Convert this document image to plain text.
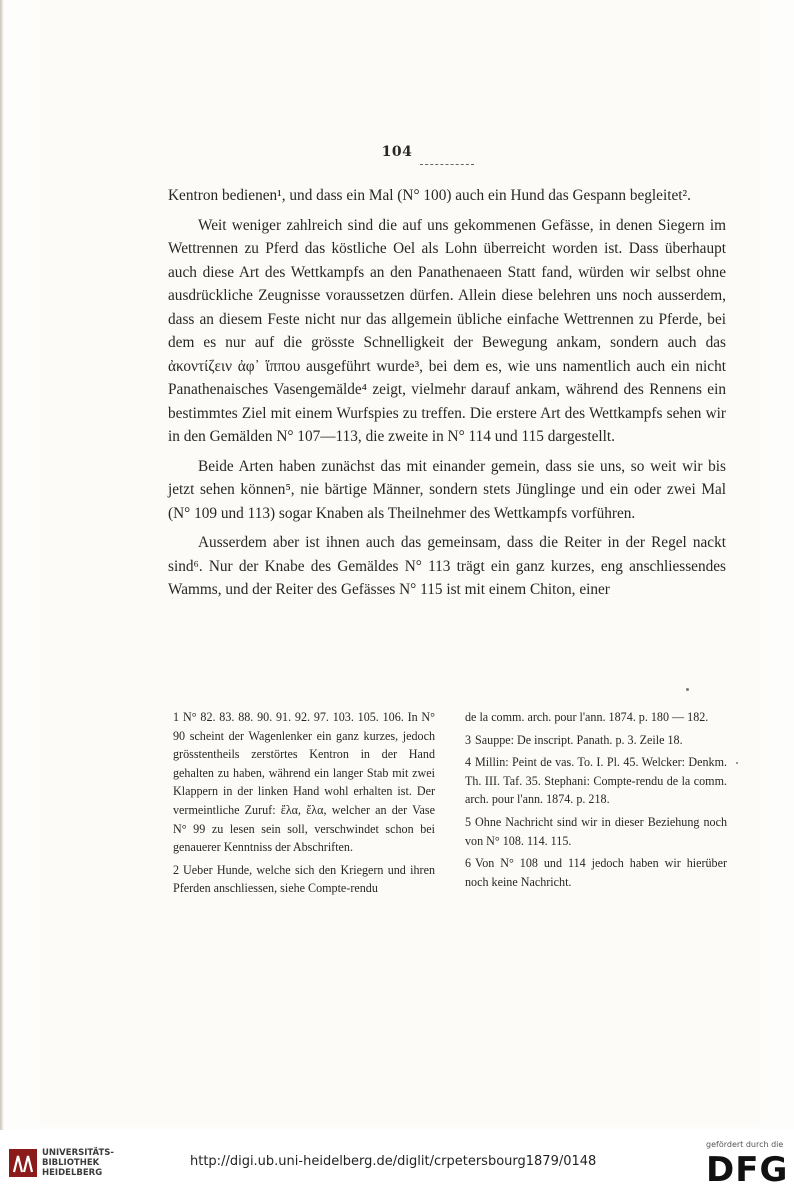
104

Kentron bedienen¹, und dass ein Mal (N° 100) auch ein Hund das Gespann begleitet².

Weit weniger zahlreich sind die auf uns gekommenen Gefässe, in denen Siegern im Wettrennen zu Pferd das köstliche Oel als Lohn überreicht worden ist. Dass überhaupt auch diese Art des Wettkampfs an den Panathenaeen Statt fand, würden wir selbst ohne ausdrückliche Zeugnisse voraussetzen dürfen. Allein diese belehren uns noch ausserdem, dass an diesem Feste nicht nur das allgemein übliche einfache Wettrennen zu Pferde, bei dem es nur auf die grösste Schnelligkeit der Bewegung ankam, sondern auch das ἀκοντίζειν ἀφ᾽ ἵππου ausgeführt wurde³, bei dem es, wie uns namentlich auch ein nicht Panathenaisches Vasengemälde⁴ zeigt, vielmehr darauf ankam, während des Rennens ein bestimmtes Ziel mit einem Wurfspies zu treffen. Die erstere Art des Wettkampfs sehen wir in den Gemälden N° 107—113, die zweite in N° 114 und 115 dargestellt.

Beide Arten haben zunächst das mit einander gemein, dass sie uns, so weit wir bis jetzt sehen können⁵, nie bärtige Männer, sondern stets Jünglinge und ein oder zwei Mal (N° 109 und 113) sogar Knaben als Theilnehmer des Wettkampfs vorführen.

Ausserdem aber ist ihnen auch das gemeinsam, dass die Reiter in der Regel nackt sind⁶. Nur der Knabe des Gemäldes N° 113 trägt ein ganz kurzes, eng anschliessendes Wamms, und der Reiter des Gefässes N° 115 ist mit einem Chiton, einer

1 N° 82. 83. 88. 90. 91. 92. 97. 103. 105. 106. In N° 90 scheint der Wagenlenker ein ganz kurzes, jedoch grösstentheils zerstörtes Kentron in der Hand gehalten zu haben, während ein langer Stab mit zwei Klappern in der linken Hand wohl erhalten ist. Der vermeintliche Zuruf: ἔλα, ἔλα, welcher an der Vase N° 99 zu lesen sein soll, verschwindet schon bei genauerer Kenntniss der Abschriften.

2 Ueber Hunde, welche sich den Kriegern und ihren Pferden anschliessen, siehe Compte-rendu

de la comm. arch. pour l'ann. 1874. p. 180 — 182.

3 Sauppe: De inscript. Panath. p. 3. Zeile 18.

4 Millin: Peint de vas. To. I. Pl. 45. Welcker: Denkm. Th. III. Taf. 35. Stephani: Compte-rendu de la comm. arch. pour l'ann. 1874. p. 218.

5 Ohne Nachricht sind wir in dieser Beziehung noch von N° 108. 114. 115.

6 Von N° 108 und 114 jedoch haben wir hierüber noch keine Nachricht.

UNIVERSITÄTS-
BIBLIOTHEK
HEIDELBERG
http://digi.ub.uni-heidelberg.de/diglit/crpetersbourg1879/0148
gefördert durch die
DFG
